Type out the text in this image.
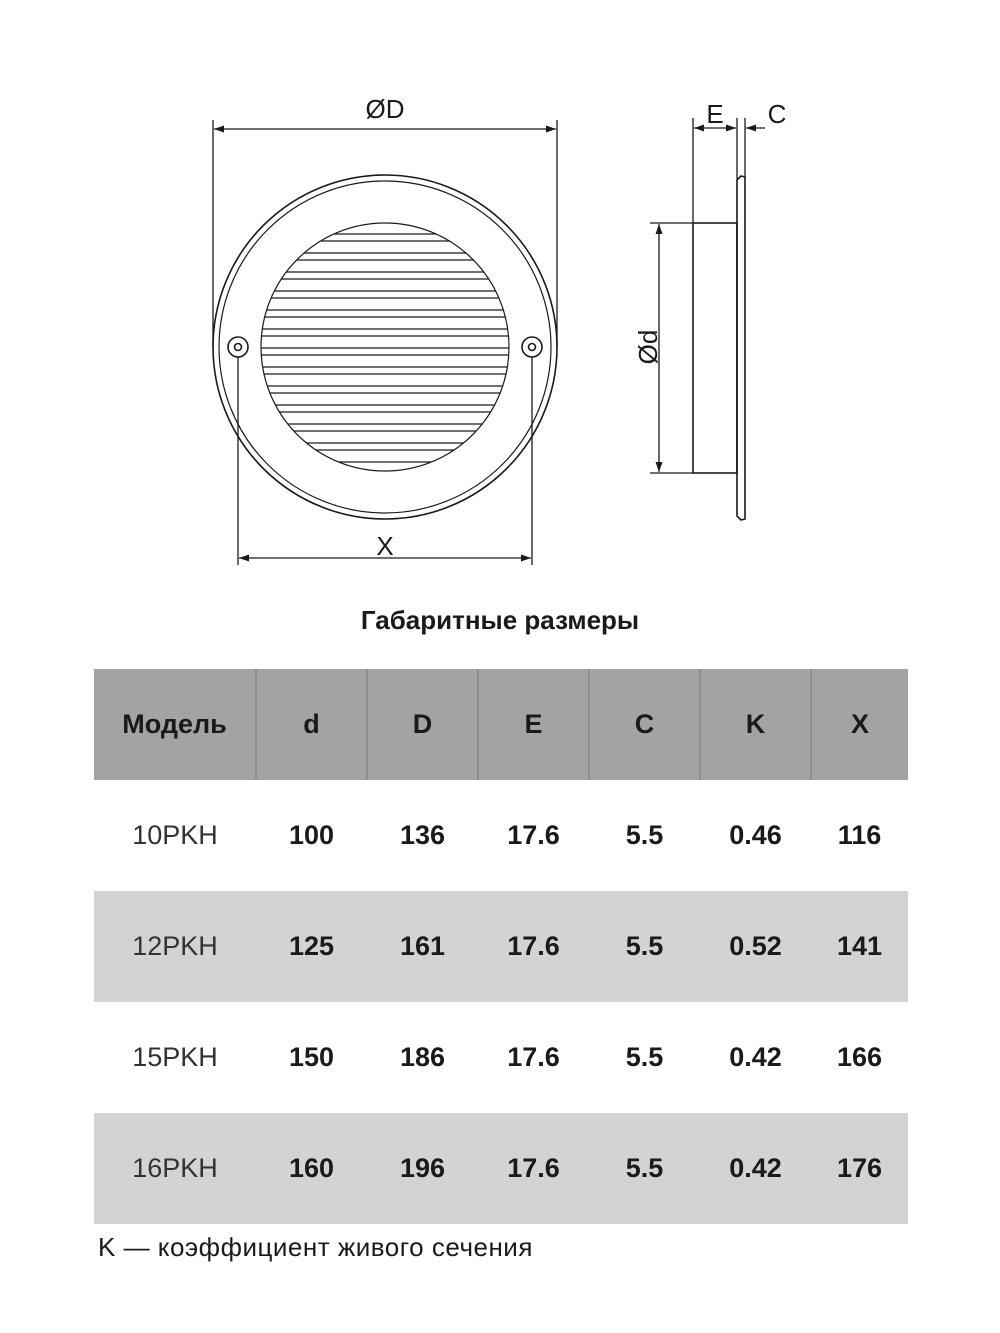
ØD
X
Ød
E C
Габаритные размеры
Модель	d	D	E	C	K	X
10PKH	100	136	17.6	5.5	0.46	116
12PKH	125	161	17.6	5.5	0.52	141
15PKH	150	186	17.6	5.5	0.42	166
16PKH	160	196	17.6	5.5	0.42	176
K — коэффициент живого сечения
